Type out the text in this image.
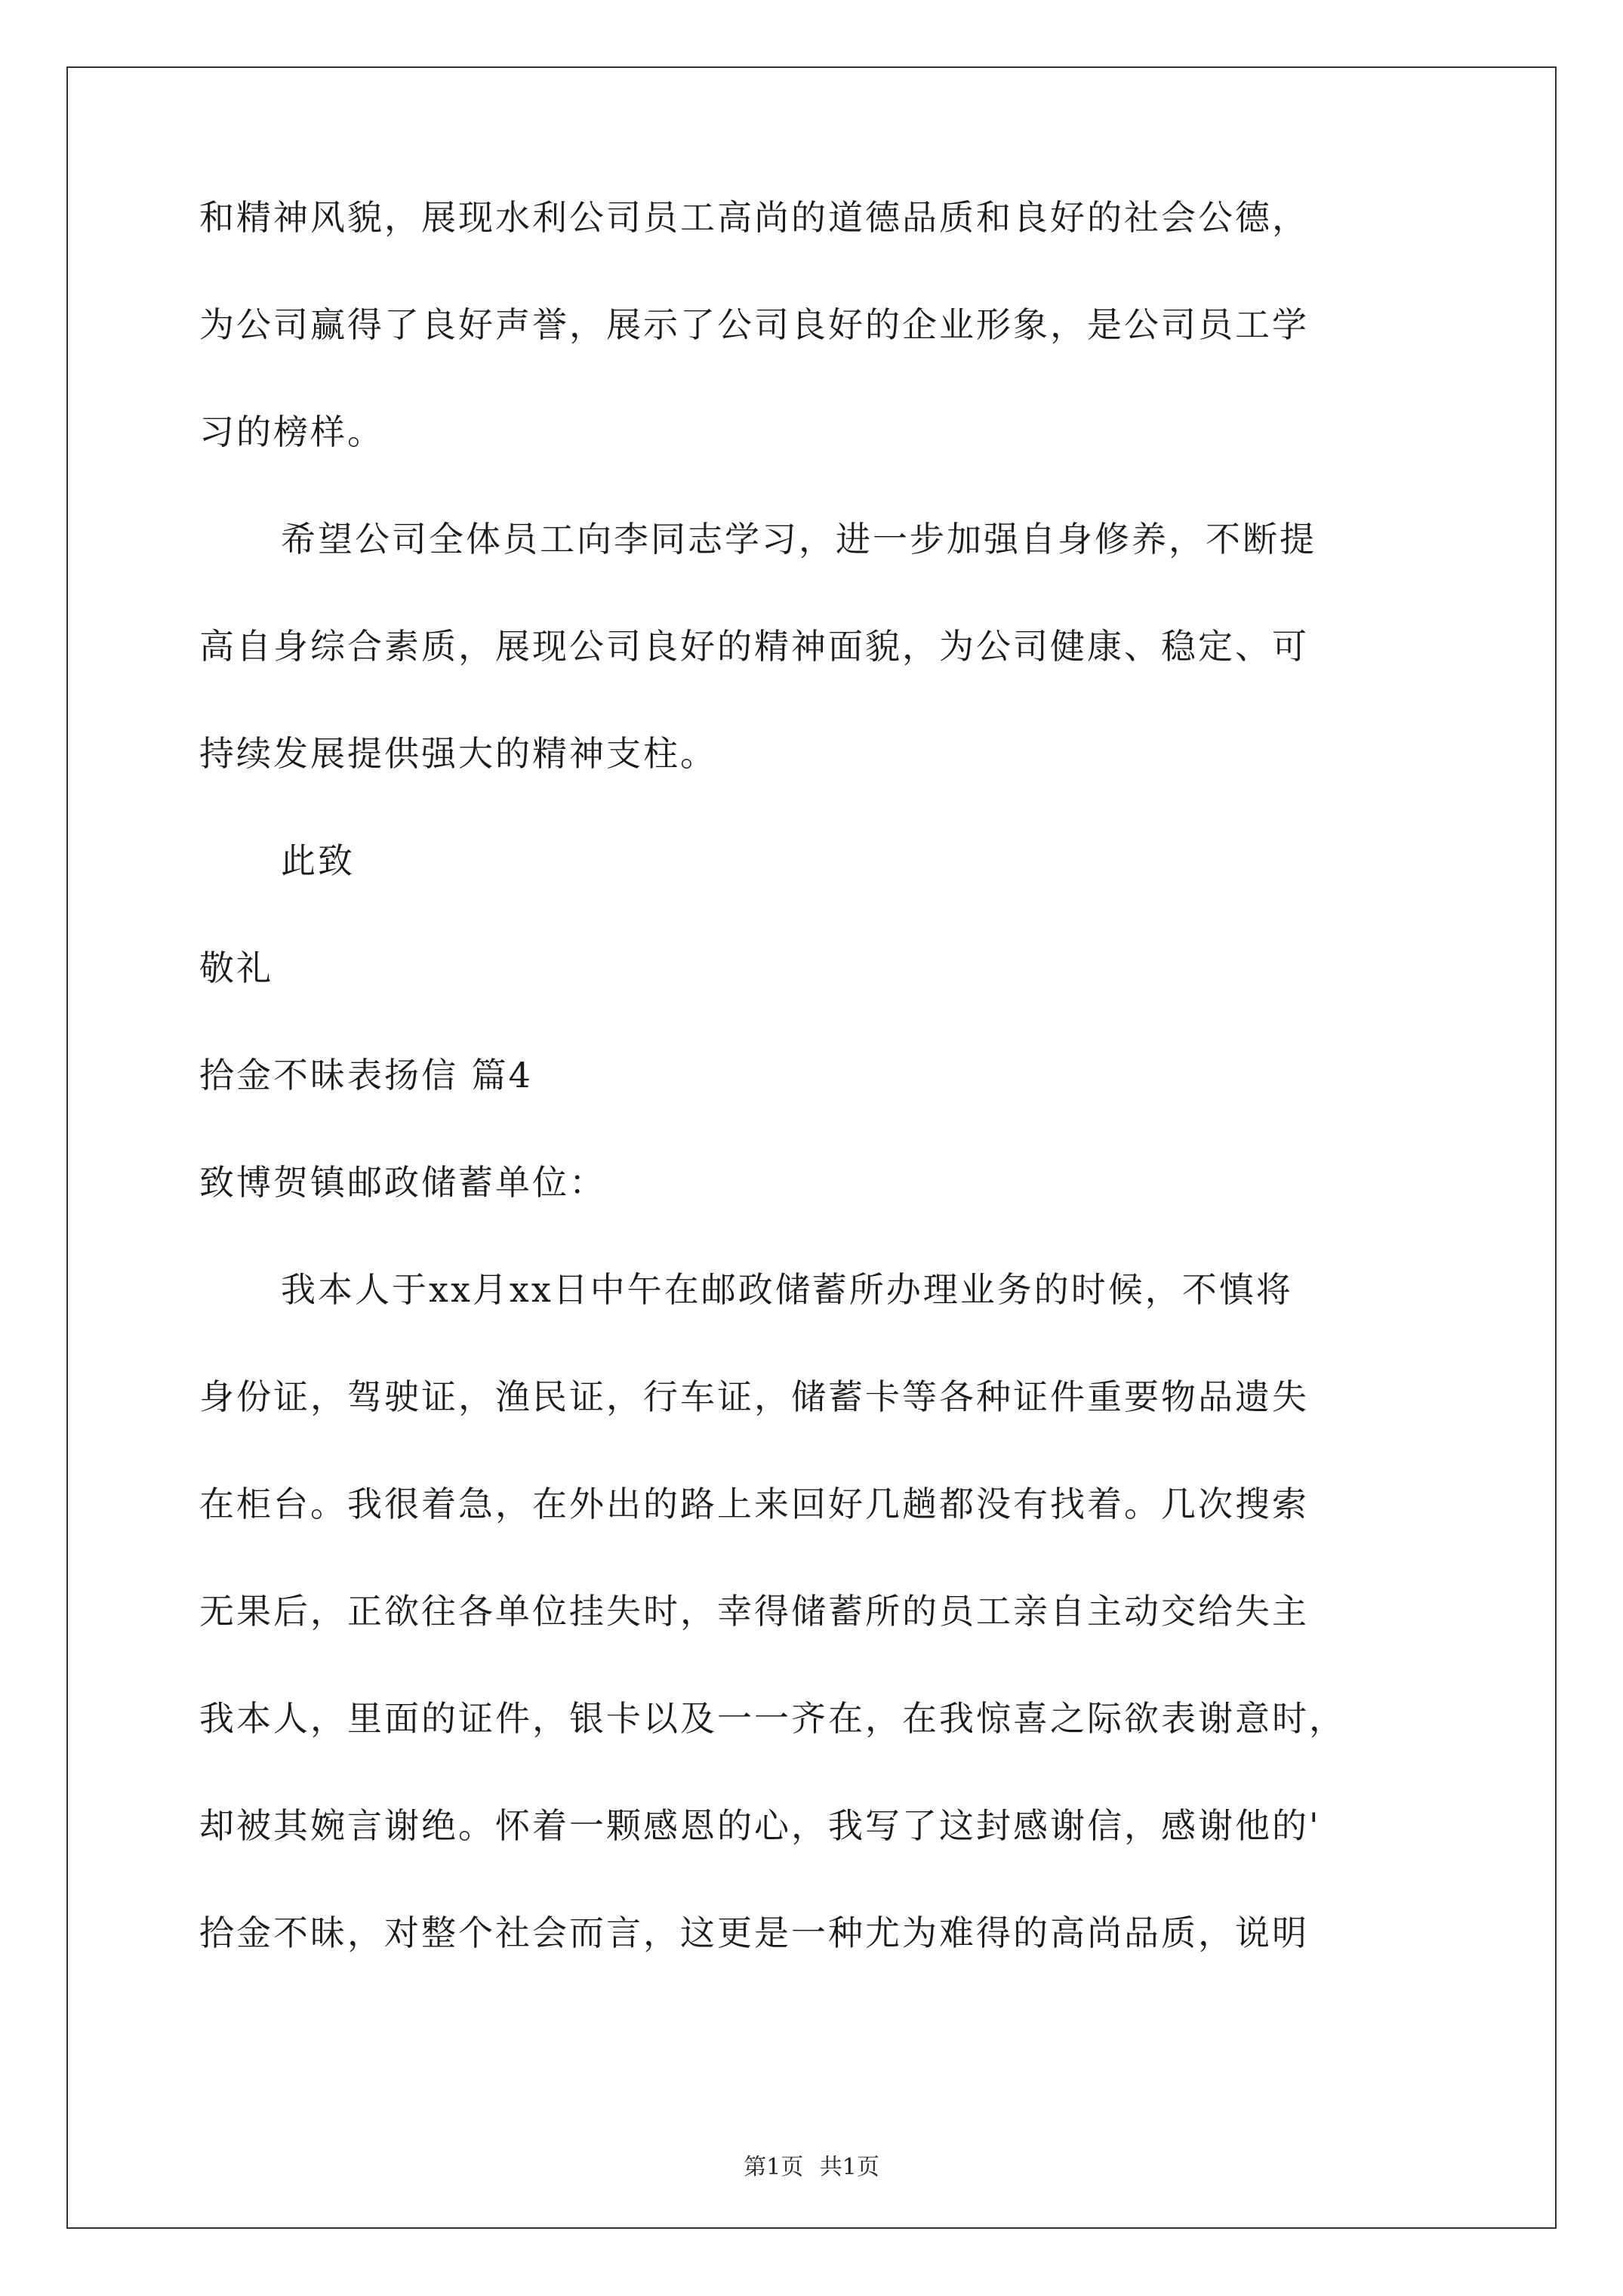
和精神风貌，展现水利公司员工高尚的道德品质和良好的社会公德，
为公司赢得了良好声誉，展示了公司良好的企业形象，是公司员工学
习的榜样。
希望公司全体员工向李同志学习，进一步加强自身修养，不断提
高自身综合素质，展现公司良好的精神面貌，为公司健康、稳定、可
持续发展提供强大的精神支柱。
此致
敬礼
拾金不昧表扬信 篇4
致博贺镇邮政储蓄单位：
我本人于xx月xx日中午在邮政储蓄所办理业务的时候，不慎将
身份证，驾驶证，渔民证，行车证，储蓄卡等各种证件重要物品遗失
在柜台。我很着急，在外出的路上来回好几趟都没有找着。几次搜索
无果后，正欲往各单位挂失时，幸得储蓄所的员工亲自主动交给失主
我本人，里面的证件，银卡以及一一齐在，在我惊喜之际欲表谢意时，
却被其婉言谢绝。怀着一颗感恩的心，我写了这封感谢信，感谢他的'
拾金不昧，对整个社会而言，这更是一种尤为难得的高尚品质，说明
第1页 共1页
